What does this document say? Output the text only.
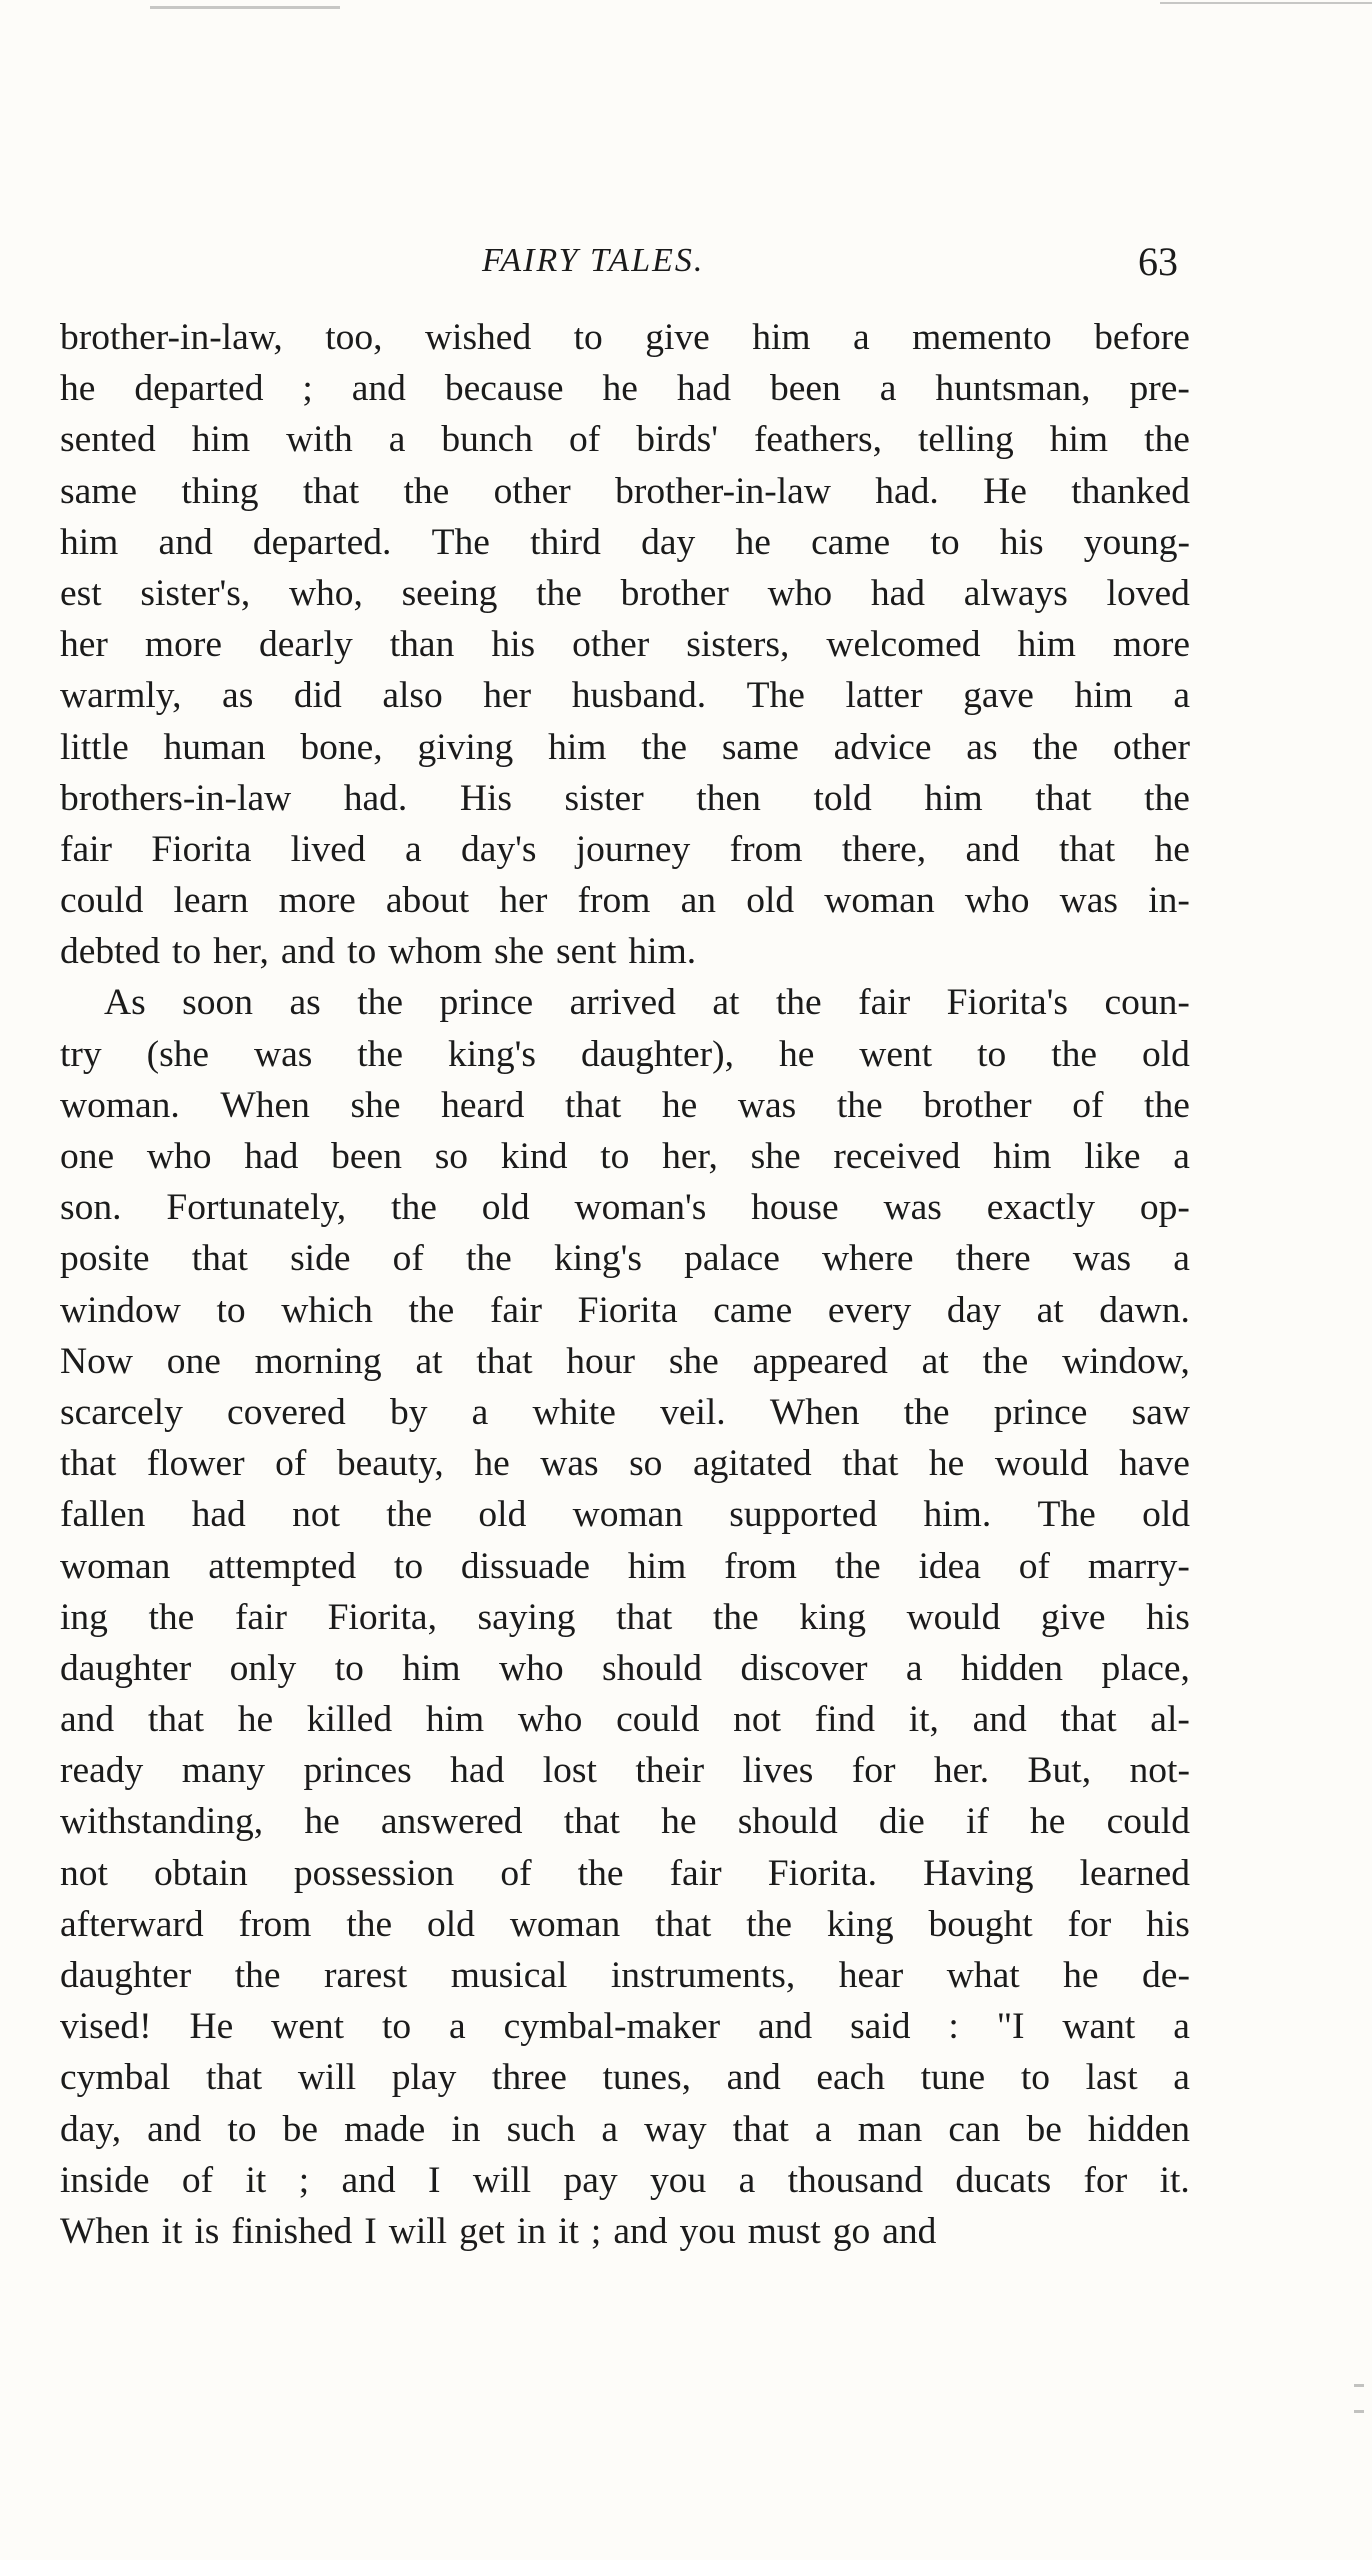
FAIRY TALES.	63
brother-in-law, too, wished to give him a memento before
he departed ; and because he had been a huntsman, pre-
sented him with a bunch of birds' feathers, telling him the
same thing that the other brother-in-law had. He thanked
him and departed. The third day he came to his young-
est sister's, who, seeing the brother who had always loved
her more dearly than his other sisters, welcomed him more
warmly, as did also her husband. The latter gave him a
little human bone, giving him the same advice as the other
brothers-in-law had. His sister then told him that the
fair Fiorita lived a day's journey from there, and that he
could learn more about her from an old woman who was in-
debted to her, and to whom she sent him.
As soon as the prince arrived at the fair Fiorita's coun-
try (she was the king's daughter), he went to the old
woman. When she heard that he was the brother of the
one who had been so kind to her, she received him like a
son. Fortunately, the old woman's house was exactly op-
posite that side of the king's palace where there was a
window to which the fair Fiorita came every day at dawn.
Now one morning at that hour she appeared at the window,
scarcely covered by a white veil. When the prince saw
that flower of beauty, he was so agitated that he would have
fallen had not the old woman supported him. The old
woman attempted to dissuade him from the idea of marry-
ing the fair Fiorita, saying that the king would give his
daughter only to him who should discover a hidden place,
and that he killed him who could not find it, and that al-
ready many princes had lost their lives for her. But, not-
withstanding, he answered that he should die if he could
not obtain possession of the fair Fiorita. Having learned
afterward from the old woman that the king bought for his
daughter the rarest musical instruments, hear what he de-
vised! He went to a cymbal-maker and said : "I want a
cymbal that will play three tunes, and each tune to last a
day, and to be made in such a way that a man can be hidden
inside of it ; and I will pay you a thousand ducats for it.
When it is finished I will get in it ; and you must go and
